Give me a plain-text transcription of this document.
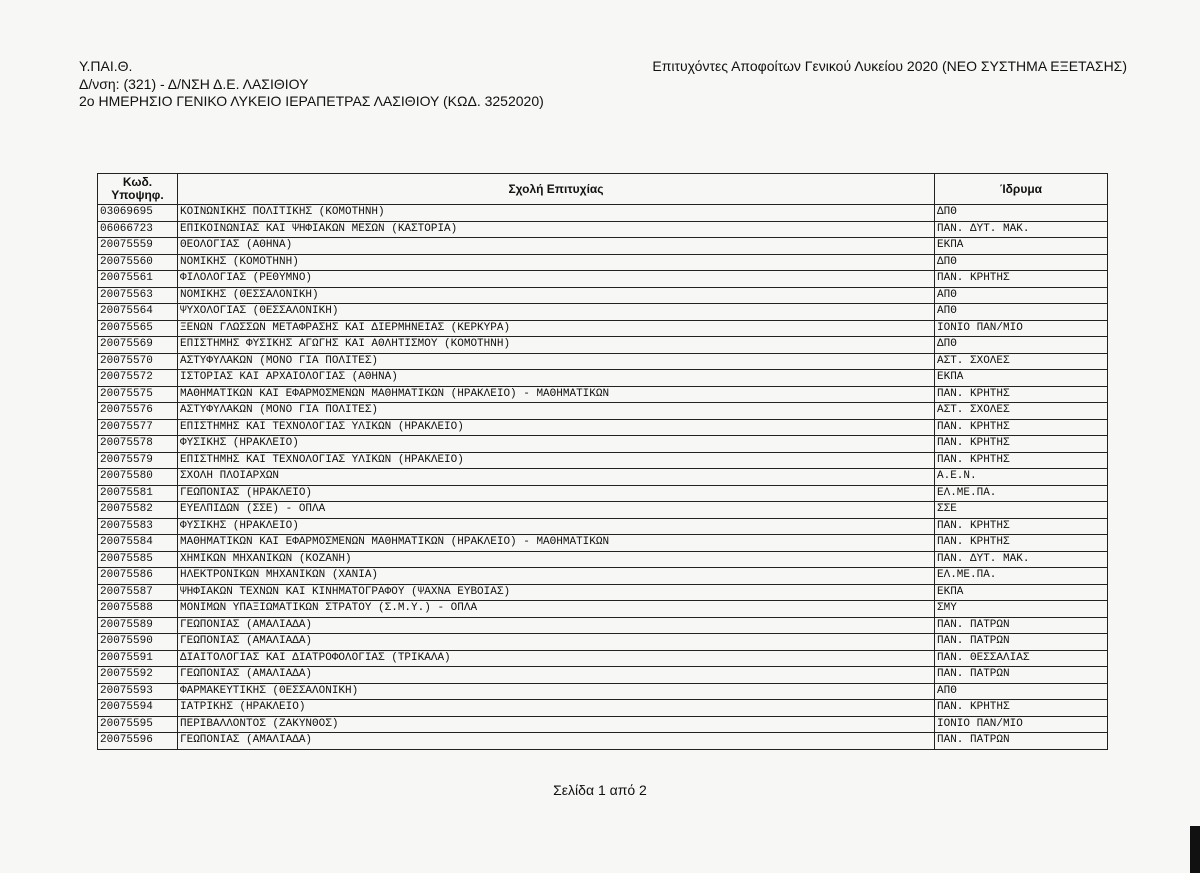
Υ.ΠΑΙ.Θ.
Δ/νση: (321) - Δ/ΝΣΗ Δ.Ε. ΛΑΣΙΘΙΟΥ
2ο ΗΜΕΡΗΣΙΟ ΓΕΝΙΚΟ ΛΥΚΕΙΟ ΙΕΡΑΠΕΤΡΑΣ ΛΑΣΙΘΙΟΥ (ΚΩΔ. 3252020)
Επιτυχόντες Αποφοίτων Γενικού Λυκείου 2020 (ΝΕΟ ΣΥΣΤΗΜΑ ΕΞΕΤΑΣΗΣ)
Κωδ.
Υποψηφ.	Σχολή Επιτυχίας	Ίδρυμα
03069695	ΚΟΙΝΩΝΙΚΗΣ ΠΟΛΙΤΙΚΗΣ (ΚΟΜΟΤΗΝΗ)	ΔΠΘ
06066723	ΕΠΙΚΟΙΝΩΝΙΑΣ ΚΑΙ ΨΗΦΙΑΚΩΝ ΜΕΣΩΝ (ΚΑΣΤΟΡΙΑ)	ΠΑΝ. ΔΥΤ. ΜΑΚ.
20075559	ΘΕΟΛΟΓΙΑΣ (ΑΘΗΝΑ)	ΕΚΠΑ
20075560	ΝΟΜΙΚΗΣ (ΚΟΜΟΤΗΝΗ)	ΔΠΘ
20075561	ΦΙΛΟΛΟΓΙΑΣ (ΡΕΘΥΜΝΟ)	ΠΑΝ. ΚΡΗΤΗΣ
20075563	ΝΟΜΙΚΗΣ (ΘΕΣΣΑΛΟΝΙΚΗ)	ΑΠΘ
20075564	ΨΥΧΟΛΟΓΙΑΣ (ΘΕΣΣΑΛΟΝΙΚΗ)	ΑΠΘ
20075565	ΞΕΝΩΝ ΓΛΩΣΣΩΝ ΜΕΤΑΦΡΑΣΗΣ ΚΑΙ ΔΙΕΡΜΗΝΕΙΑΣ (ΚΕΡΚΥΡΑ)	ΙΟΝΙΟ ΠΑΝ/ΜΙΟ
20075569	ΕΠΙΣΤΗΜΗΣ ΦΥΣΙΚΗΣ ΑΓΩΓΗΣ ΚΑΙ ΑΘΛΗΤΙΣΜΟΥ (ΚΟΜΟΤΗΝΗ)	ΔΠΘ
20075570	ΑΣΤΥΦΥΛΑΚΩΝ (ΜΟΝΟ ΓΙΑ ΠΟΛΙΤΕΣ)	ΑΣΤ. ΣΧΟΛΕΣ
20075572	ΙΣΤΟΡΙΑΣ ΚΑΙ ΑΡΧΑΙΟΛΟΓΙΑΣ (ΑΘΗΝΑ)	ΕΚΠΑ
20075575	ΜΑΘΗΜΑΤΙΚΩΝ ΚΑΙ ΕΦΑΡΜΟΣΜΕΝΩΝ ΜΑΘΗΜΑΤΙΚΩΝ (ΗΡΑΚΛΕΙΟ) - ΜΑΘΗΜΑΤΙΚΩΝ	ΠΑΝ. ΚΡΗΤΗΣ
20075576	ΑΣΤΥΦΥΛΑΚΩΝ (ΜΟΝΟ ΓΙΑ ΠΟΛΙΤΕΣ)	ΑΣΤ. ΣΧΟΛΕΣ
20075577	ΕΠΙΣΤΗΜΗΣ ΚΑΙ ΤΕΧΝΟΛΟΓΙΑΣ ΥΛΙΚΩΝ (ΗΡΑΚΛΕΙΟ)	ΠΑΝ. ΚΡΗΤΗΣ
20075578	ΦΥΣΙΚΗΣ (ΗΡΑΚΛΕΙΟ)	ΠΑΝ. ΚΡΗΤΗΣ
20075579	ΕΠΙΣΤΗΜΗΣ ΚΑΙ ΤΕΧΝΟΛΟΓΙΑΣ ΥΛΙΚΩΝ (ΗΡΑΚΛΕΙΟ)	ΠΑΝ. ΚΡΗΤΗΣ
20075580	ΣΧΟΛΗ ΠΛΟΙΑΡΧΩΝ	Α.Ε.Ν.
20075581	ΓΕΩΠΟΝΙΑΣ (ΗΡΑΚΛΕΙΟ)	ΕΛ.ΜΕ.ΠΑ.
20075582	ΕΥΕΛΠΙΔΩΝ (ΣΣΕ) - ΟΠΛΑ	ΣΣΕ
20075583	ΦΥΣΙΚΗΣ (ΗΡΑΚΛΕΙΟ)	ΠΑΝ. ΚΡΗΤΗΣ
20075584	ΜΑΘΗΜΑΤΙΚΩΝ ΚΑΙ ΕΦΑΡΜΟΣΜΕΝΩΝ ΜΑΘΗΜΑΤΙΚΩΝ (ΗΡΑΚΛΕΙΟ) - ΜΑΘΗΜΑΤΙΚΩΝ	ΠΑΝ. ΚΡΗΤΗΣ
20075585	ΧΗΜΙΚΩΝ ΜΗΧΑΝΙΚΩΝ (ΚΟΖΑΝΗ)	ΠΑΝ. ΔΥΤ. ΜΑΚ.
20075586	ΗΛΕΚΤΡΟΝΙΚΩΝ ΜΗΧΑΝΙΚΩΝ (ΧΑΝΙΑ)	ΕΛ.ΜΕ.ΠΑ.
20075587	ΨΗΦΙΑΚΩΝ ΤΕΧΝΩΝ ΚΑΙ ΚΙΝΗΜΑΤΟΓΡΑΦΟΥ (ΨΑΧΝΑ ΕΥΒΟΙΑΣ)	ΕΚΠΑ
20075588	ΜΟΝΙΜΩΝ ΥΠΑΞΙΩΜΑΤΙΚΩΝ ΣΤΡΑΤΟΥ (Σ.Μ.Υ.) - ΟΠΛΑ	ΣΜΥ
20075589	ΓΕΩΠΟΝΙΑΣ (ΑΜΑΛΙΑΔΑ)	ΠΑΝ. ΠΑΤΡΩΝ
20075590	ΓΕΩΠΟΝΙΑΣ (ΑΜΑΛΙΑΔΑ)	ΠΑΝ. ΠΑΤΡΩΝ
20075591	ΔΙΑΙΤΟΛΟΓΙΑΣ ΚΑΙ ΔΙΑΤΡΟΦΟΛΟΓΙΑΣ (ΤΡΙΚΑΛΑ)	ΠΑΝ. ΘΕΣΣΑΛΙΑΣ
20075592	ΓΕΩΠΟΝΙΑΣ (ΑΜΑΛΙΑΔΑ)	ΠΑΝ. ΠΑΤΡΩΝ
20075593	ΦΑΡΜΑΚΕΥΤΙΚΗΣ (ΘΕΣΣΑΛΟΝΙΚΗ)	ΑΠΘ
20075594	ΙΑΤΡΙΚΗΣ (ΗΡΑΚΛΕΙΟ)	ΠΑΝ. ΚΡΗΤΗΣ
20075595	ΠΕΡΙΒΑΛΛΟΝΤΟΣ (ΖΑΚΥΝΘΟΣ)	ΙΟΝΙΟ ΠΑΝ/ΜΙΟ
20075596	ΓΕΩΠΟΝΙΑΣ (ΑΜΑΛΙΑΔΑ)	ΠΑΝ. ΠΑΤΡΩΝ
Σελίδα 1 από 2
